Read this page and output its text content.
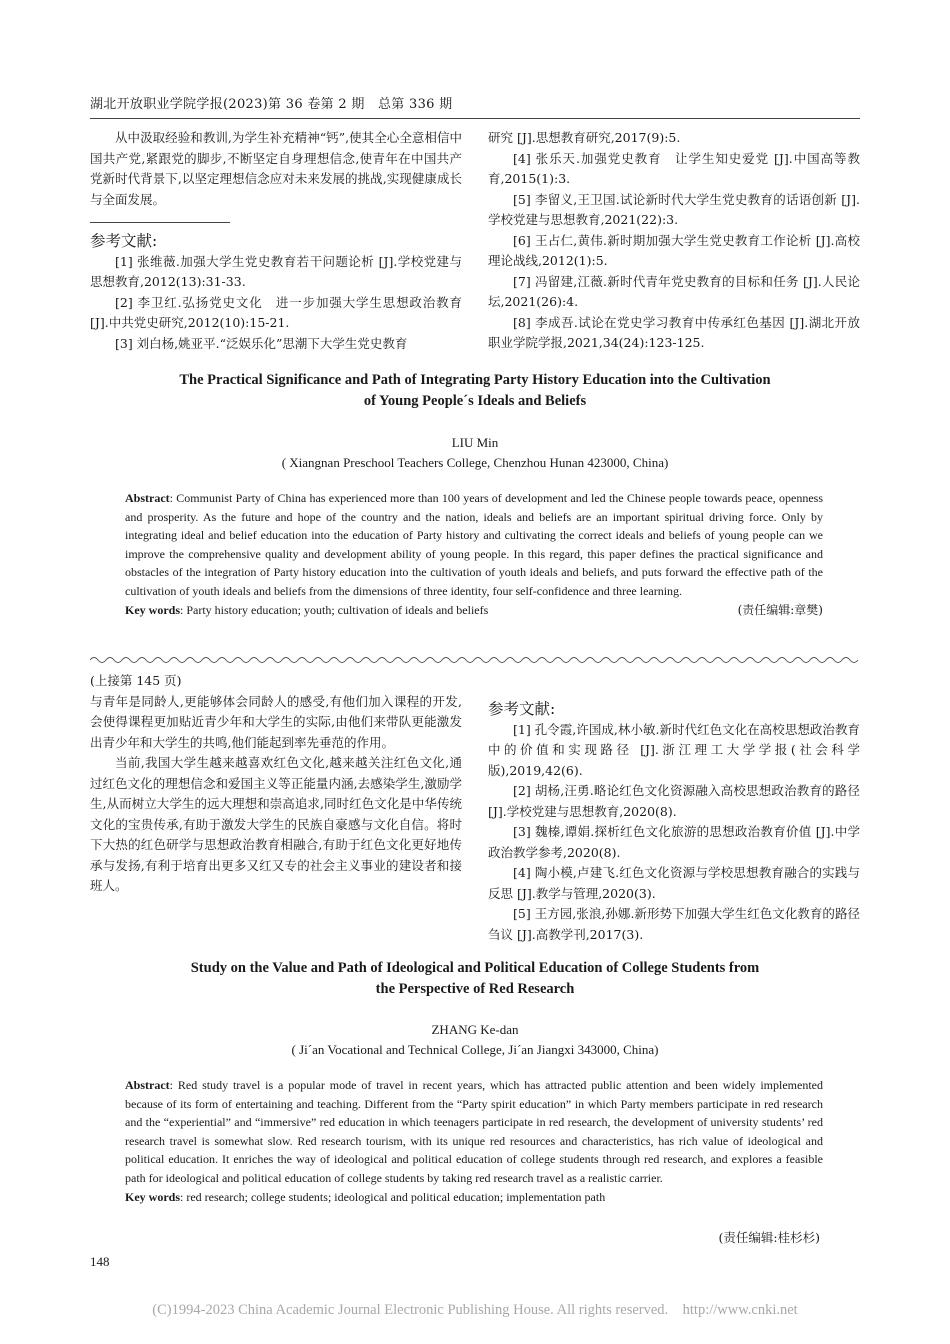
湖北开放职业学院学报(2023)第 36 卷第 2 期　总第 336 期

从中汲取经验和教训,为学生补充精神“钙”,使其全心全意相信中国共产党,紧跟党的脚步,不断坚定自身理想信念,使青年在中国共产党新时代背景下,以坚定理想信念应对未来发展的挑战,实现健康成长与全面发展。

参考文献:

[1] 张维薇.加强大学生党史教育若干问题论析 [J].学校党建与思想教育,2012(13):31-33.

[2] 李卫红.弘扬党史文化　进一步加强大学生思想政治教育 [J].中共党史研究,2012(10):15-21.

[3] 刘白杨,姚亚平.“泛娱乐化”思潮下大学生党史教育

研究 [J].思想教育研究,2017(9):5.

[4] 张乐天.加强党史教育　让学生知史爱党 [J].中国高等教育,2015(1):3.

[5] 李留义,王卫国.试论新时代大学生党史教育的话语创新 [J].学校党建与思想教育,2021(22):3.

[6] 王占仁,黄伟.新时期加强大学生党史教育工作论析 [J].高校理论战线,2012(1):5.

[7] 冯留建,江薇.新时代青年党史教育的目标和任务 [J].人民论坛,2021(26):4.

[8] 李成吾.试论在党史学习教育中传承红色基因 [J].湖北开放职业学院学报,2021,34(24):123-125.

The Practical Significance and Path of Integrating Party History Education into the Cultivation
of Young People´s Ideals and Beliefs
LIU Min
( Xiangnan Preschool Teachers College, Chenzhou Hunan 423000, China)

Abstract: Communist Party of China has experienced more than 100 years of development and led the Chinese people towards peace, openness and prosperity. As the future and hope of the country and the nation, ideals and beliefs are an important spiritual driving force. Only by integrating ideal and belief education into the education of Party history and cultivating the correct ideals and beliefs of young people can we improve the comprehensive quality and development ability of young people. In this regard, this paper defines the practical significance and obstacles of the integration of Party history education into the cultivation of youth ideals and beliefs, and puts forward the effective path of the cultivation of youth ideals and beliefs from the dimensions of three identity, four self-confidence and three learning.

Key words: Party history education; youth; cultivation of ideals and beliefs	(责任编辑:章樊)

(上接第 145 页)

与青年是同龄人,更能够体会同龄人的感受,有他们加入课程的开发,会使得课程更加贴近青少年和大学生的实际,由他们来带队更能激发出青少年和大学生的共鸣,他们能起到率先垂范的作用。

当前,我国大学生越来越喜欢红色文化,越来越关注红色文化,通过红色文化的理想信念和爱国主义等正能量内涵,去感染学生,激励学生,从而树立大学生的远大理想和崇高追求,同时红色文化是中华传统文化的宝贵传承,有助于激发大学生的民族自豪感与文化自信。将时下大热的红色研学与思想政治教育相融合,有助于红色文化更好地传承与发扬,有利于培育出更多又红又专的社会主义事业的建设者和接班人。

参考文献:

[1] 孔令霞,许国成,林小敏.新时代红色文化在高校思想政治教育中的价值和实现路径 [J].浙江理工大学学报(社会科学版),2019,42(6).

[2] 胡杨,汪勇.略论红色文化资源融入高校思想政治教育的路径 [J].学校党建与思想教育,2020(8).

[3] 魏榛,谭娟.探析红色文化旅游的思想政治教育价值 [J].中学政治教学参考,2020(8).

[4] 陶小模,卢建飞.红色文化资源与学校思想教育融合的实践与反思 [J].教学与管理,2020(3).

[5] 王方园,张浪,孙娜.新形势下加强大学生红色文化教育的路径刍议 [J].高教学刊,2017(3).

Study on the Value and Path of Ideological and Political Education of College Students from
the Perspective of Red Research
ZHANG Ke-dan
( Ji´an Vocational and Technical College, Ji´an Jiangxi 343000, China)

Abstract: Red study travel is a popular mode of travel in recent years, which has attracted public attention and been widely implemented because of its form of entertaining and teaching. Different from the “Party spirit education” in which Party members participate in red research and the “experiential” and “immersive” red education in which teenagers participate in red research, the development of university students’ red research travel is somewhat slow. Red research tourism, with its unique red resources and characteristics, has rich value of ideological and political education. It enriches the way of ideological and political education of college students through red research, and explores a feasible path for ideological and political education of college students by taking red research travel as a realistic carrier.

Key words: red research; college students; ideological and political education; implementation path

(责任编辑:桂杉杉)
148
(C)1994-2023 China Academic Journal Electronic Publishing House. All rights reserved.　http://www.cnki.net
